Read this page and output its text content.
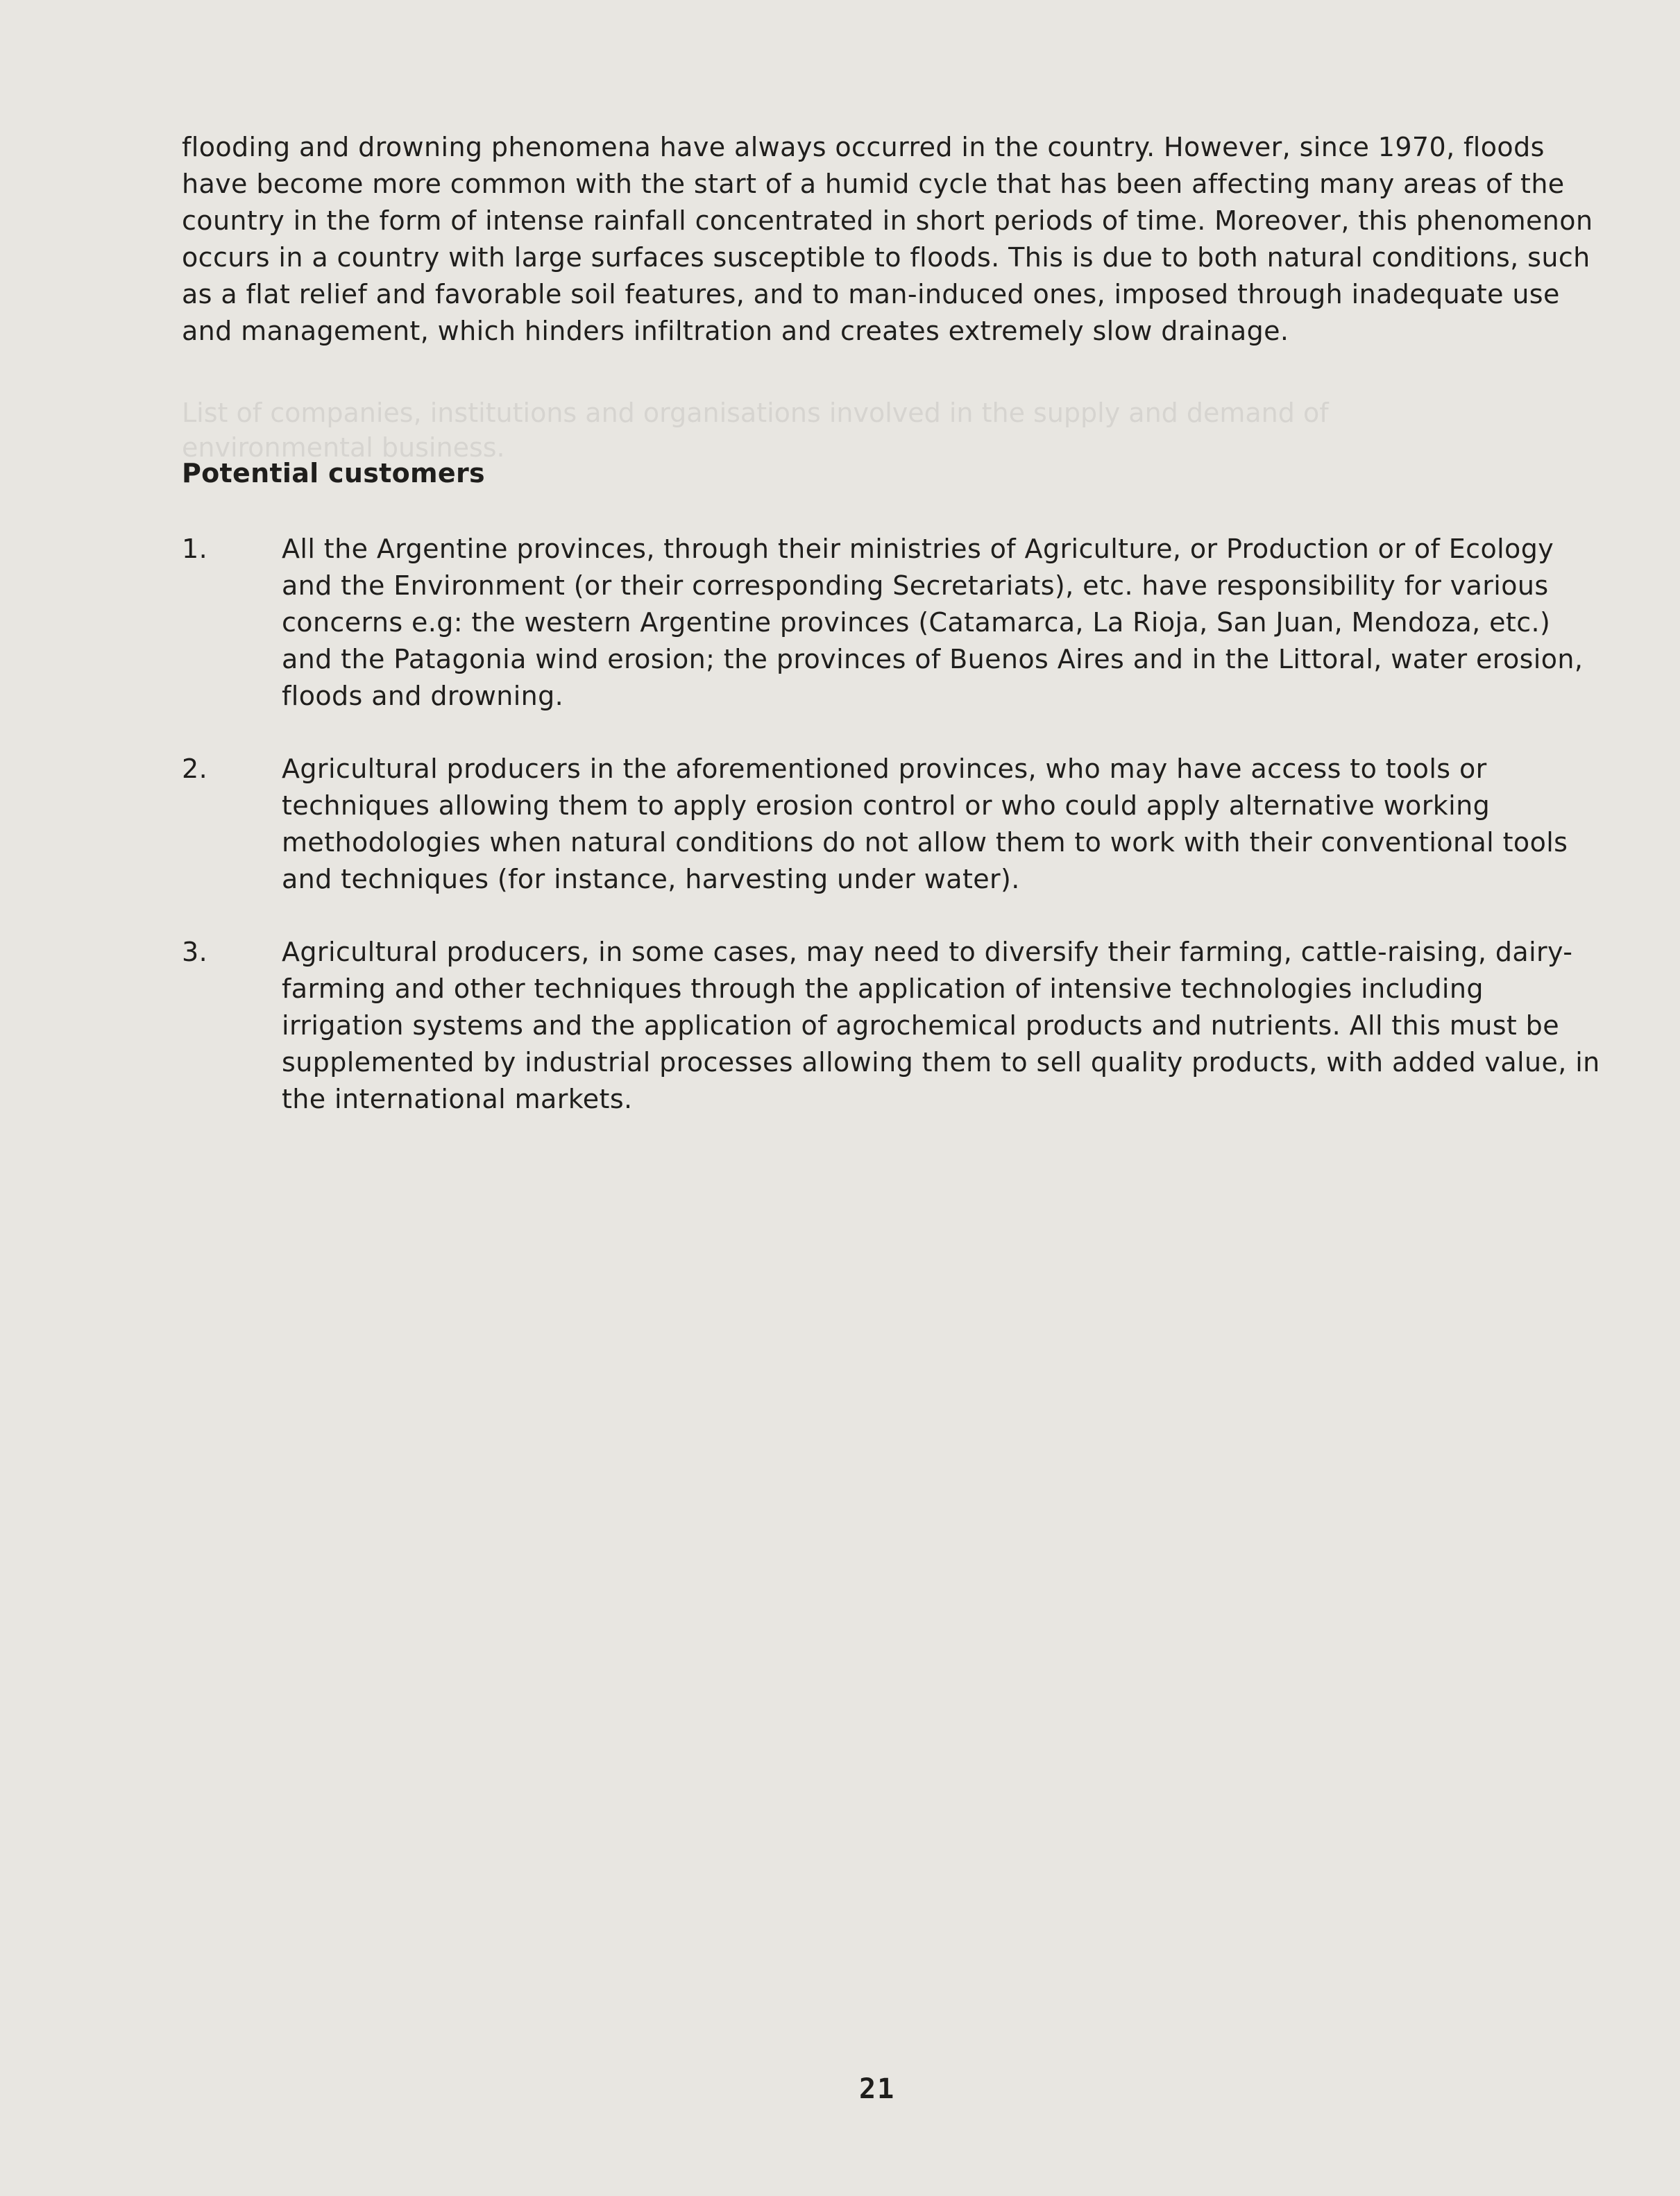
flooding and drowning phenomena have always occurred in the country. However, since 1970, floods have become more common with the start of a humid cycle that has been affecting many areas of the country in the form of intense rainfall concentrated in short periods of time. Moreover, this phenomenon occurs in a country with large surfaces susceptible to floods. This is due to both natural conditions, such as a flat relief and favorable soil features, and to man-induced ones, imposed through inadequate use and management, which hinders infiltration and creates extremely slow drainage.

List of companies, institutions and organisations involved in the supply and demand of environmental business.

Potential customers
1.	All the Argentine provinces, through their ministries of Agriculture, or Production or of Ecology and the Environment (or their corresponding Secretariats), etc. have responsibility for various concerns e.g: the western Argentine provinces (Catamarca, La Rioja, San Juan, Mendoza, etc.) and the Patagonia wind erosion; the provinces of Buenos Aires and in the Littoral, water erosion, floods and drowning.
2.	Agricultural producers in the aforementioned provinces, who may have access to tools or techniques allowing them to apply erosion control or who could apply alternative working methodologies when natural conditions do not allow them to work with their conventional tools and techniques (for instance, harvesting under water).
3.	Agricultural producers, in some cases, may need to diversify their farming, cattle-raising, dairy-farming and other techniques through the application of intensive technologies including irrigation systems and the application of agrochemical products and nutrients. All this must be supplemented by industrial processes allowing them to sell quality products, with added value, in the international markets.
21
